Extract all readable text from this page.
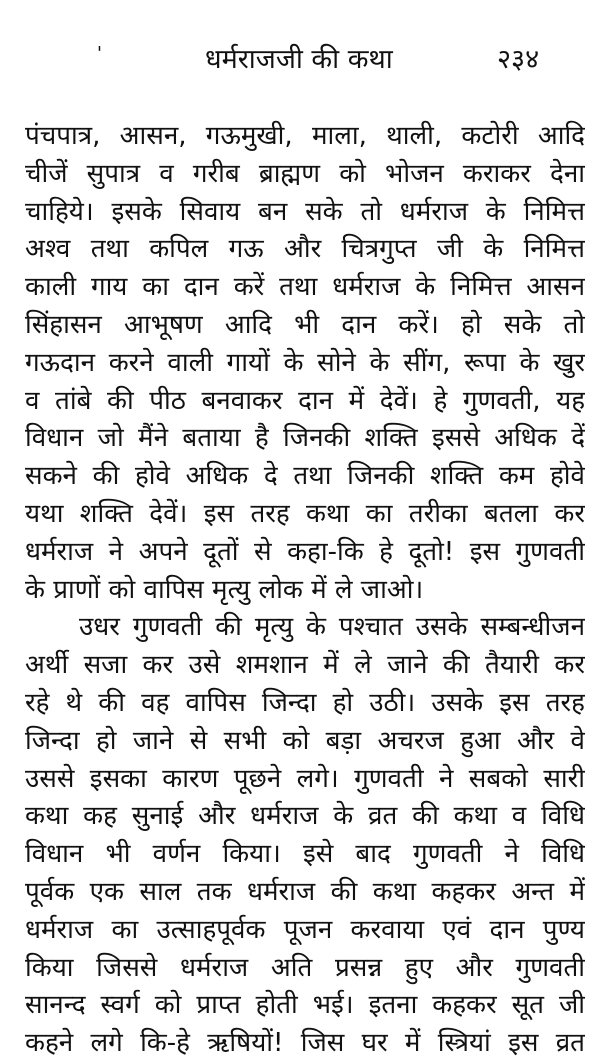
'	धर्मराजजी की कथा	२३४
पंचपात्र, आसन, गऊमुखी, माला, थाली, कटोरी आदि
चीजें सुपात्र व गरीब ब्राह्मण को भोजन कराकर देना
चाहिये। इसके सिवाय बन सके तो धर्मराज के निमित्त
अश्व तथा कपिल गऊ और चित्रगुप्त जी के निमित्त
काली गाय का दान करें तथा धर्मराज के निमित्त आसन
सिंहासन आभूषण आदि भी दान करें। हो सके तो
गऊदान करने वाली गायों के सोने के सींग, रूपा के खुर
व तांबे की पीठ बनवाकर दान में देवें। हे गुणवती, यह
विधान जो मैंने बताया है जिनकी शक्ति इससे अधिक दें
सकने की होवे अधिक दे तथा जिनकी शक्ति कम होवे
यथा शक्ति देवें। इस तरह कथा का तरीका बतला कर
धर्मराज ने अपने दूतों से कहा-कि हे दूतो! इस गुणवती
के प्राणों को वापिस मृत्यु लोक में ले जाओ।
उधर गुणवती की मृत्यु के पश्चात उसके सम्बन्धीजन
अर्थी सजा कर उसे शमशान में ले जाने की तैयारी कर
रहे थे की वह वापिस जिन्दा हो उठी। उसके इस तरह
जिन्दा हो जाने से सभी को बड़ा अचरज हुआ और वे
उससे इसका कारण पूछने लगे। गुणवती ने सबको सारी
कथा कह सुनाई और धर्मराज के व्रत की कथा व विधि
विधान भी वर्णन किया। इसे बाद गुणवती ने विधि
पूर्वक एक साल तक धर्मराज की कथा कहकर अन्त में
धर्मराज का उत्साहपूर्वक पूजन करवाया एवं दान पुण्य
किया जिससे धर्मराज अति प्रसन्न हुए और गुणवती
सानन्द स्वर्ग को प्राप्त होती भई। इतना कहकर सूत जी
कहने लगे कि-हे ऋषियों! जिस घर में स्त्रियां इस व्रत
